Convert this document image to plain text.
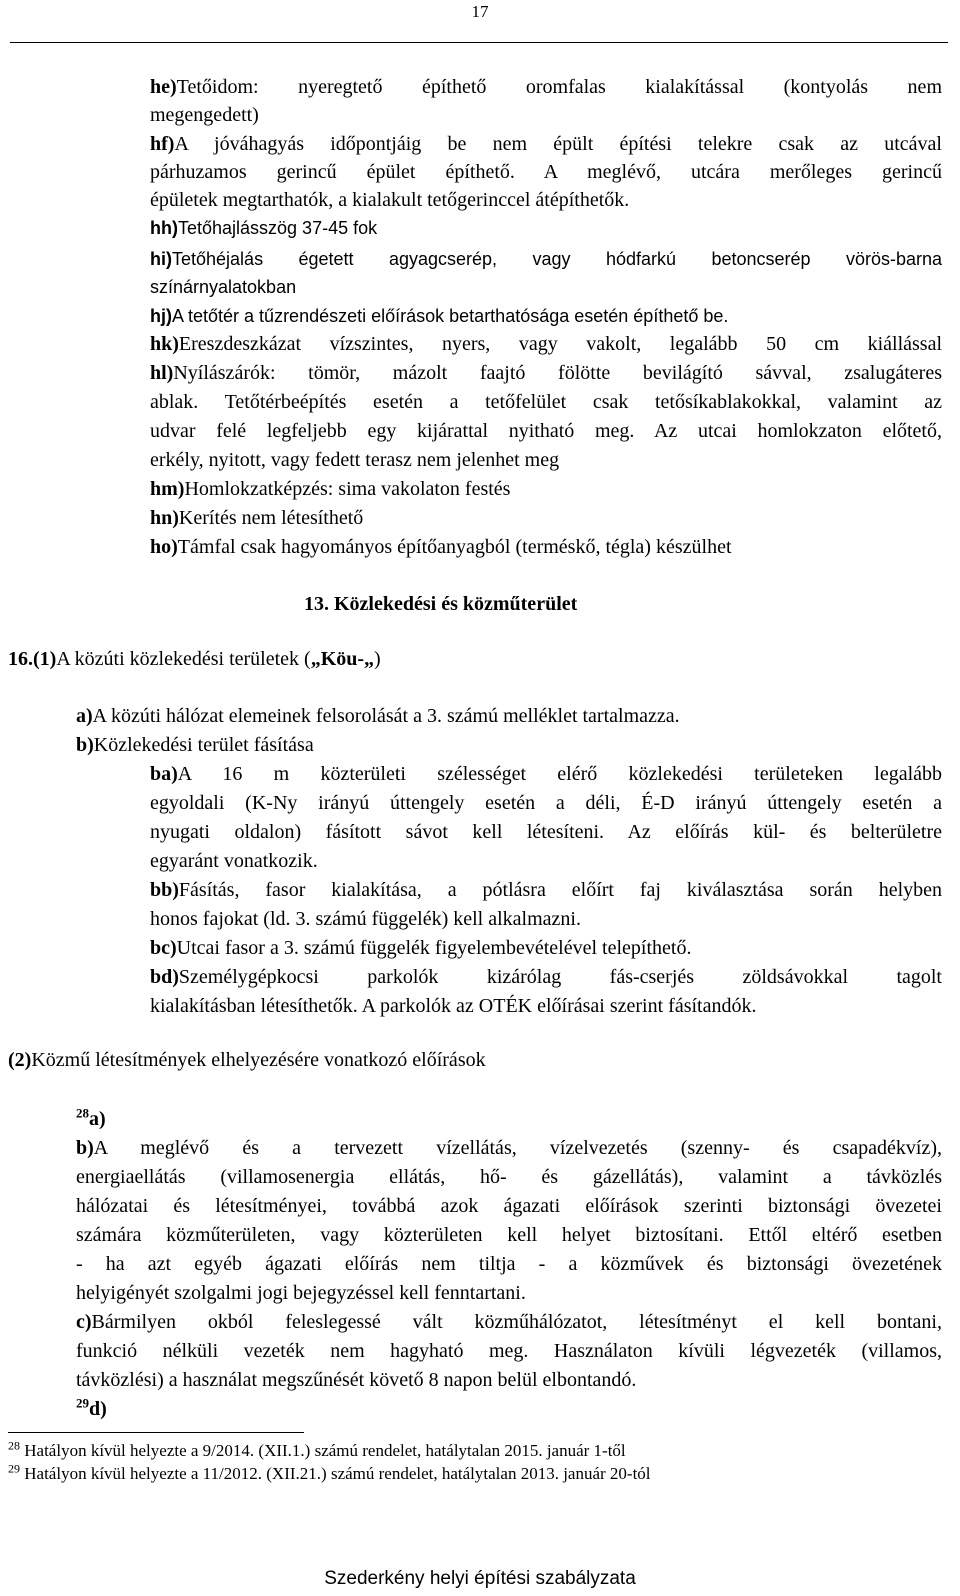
17
he)Tetőidom: nyeregtető építhető oromfalas kialakítással (kontyolás nem
megengedett)
hf)A jóváhagyás időpontjáig be nem épült építési telekre csak az utcával
párhuzamos gerincű épület építhető. A meglévő, utcára merőleges gerincű
épületek megtarthatók, a kialakult tetőgerinccel átépíthetők.
hh)Tetőhajlásszög 37-45 fok
hi)Tetőhéjalás égetett agyagcserép, vagy hódfarkú betoncserép vörös-barna
színárnyalatokban
hj)A tetőtér a tűzrendészeti előírások betarthatósága esetén építhető be.
hk)Ereszdeszkázat vízszintes, nyers, vagy vakolt, legalább 50 cm kiállással
hl)Nyílászárók: tömör, mázolt faajtó fölötte bevilágító sávval, zsalugáteres
ablak. Tetőtérbeépítés esetén a tetőfelület csak tetősíkablakokkal, valamint az
udvar felé legfeljebb egy kijárattal nyitható meg. Az utcai homlokzaton előtető,
erkély, nyitott, vagy fedett terasz nem jelenhet meg
hm)Homlokzatképzés: sima vakolaton festés
hn)Kerítés nem létesíthető
ho)Támfal csak hagyományos építőanyagból (terméskő, tégla) készülhet
13. Közlekedési és közműterület
16.(1)A közúti közlekedési területek („Köu-„)
a)A közúti hálózat elemeinek felsorolását a 3. számú melléklet tartalmazza.
b)Közlekedési terület fásítása
ba)A 16 m közterületi szélességet elérő közlekedési területeken legalább
egyoldali (K-Ny irányú úttengely esetén a déli, É-D irányú úttengely esetén a
nyugati oldalon) fásított sávot kell létesíteni. Az előírás kül- és belterületre
egyaránt vonatkozik.
bb)Fásítás, fasor kialakítása, a pótlásra előírt faj kiválasztása során helyben
honos fajokat (ld. 3. számú függelék) kell alkalmazni.
bc)Utcai fasor a 3. számú függelék figyelembevételével telepíthető.
bd)Személygépkocsi parkolók kizárólag fás-cserjés zöldsávokkal tagolt
kialakításban létesíthetők. A parkolók az OTÉK előírásai szerint fásítandók.
(2)Közmű létesítmények elhelyezésére vonatkozó előírások
$^{28}$a)
b)A meglévő és a tervezett vízellátás, vízelvezetés (szenny- és csapadékvíz),
energiaellátás (villamosenergia ellátás, hő- és gázellátás), valamint a távközlés
hálózatai és létesítményei, továbbá azok ágazati előírások szerinti biztonsági övezetei
számára közműterületen, vagy közterületen kell helyet biztosítani. Ettől eltérő esetben
- ha azt egyéb ágazati előírás nem tiltja - a közművek és biztonsági övezetének
helyigényét szolgalmi jogi bejegyzéssel kell fenntartani.
c)Bármilyen okból feleslegessé vált közműhálózatot, létesítményt el kell bontani,
funkció nélküli vezeték nem hagyható meg. Használaton kívüli légvezeték (villamos,
távközlési) a használat megszűnését követő 8 napon belül elbontandó.
$^{29}$d)
$^{28}$ Hatályon kívül helyezte a 9/2014. (XII.1.) számú rendelet, hatálytalan 2015. január 1-től
$^{29}$ Hatályon kívül helyezte a 11/2012. (XII.21.) számú rendelet, hatálytalan 2013. január 20-tól
Szederkény helyi építési szabályzata
